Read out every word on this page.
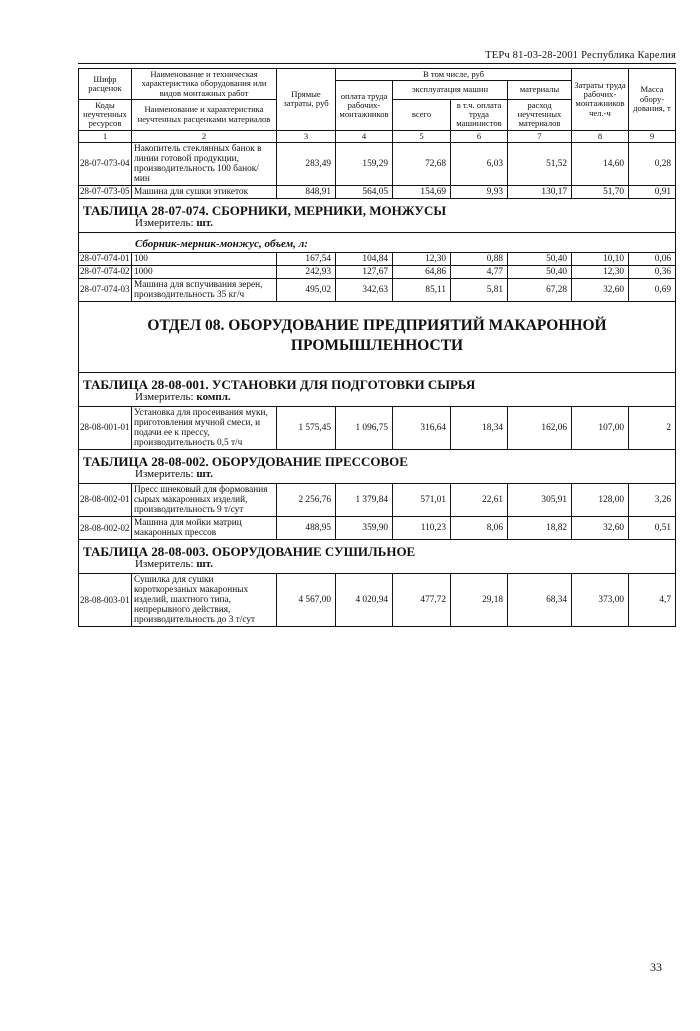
ТЕРч 81-03-28-2001 Республика Карелия
Шифр расценок	Наименование и техническая характеристика оборудования или видов монтажных работ	Прямые затраты, руб	В том числе, руб				Затраты труда рабочих-монтажников чел.-ч	Масса обору-дования, т
			оплата труда рабочих-монтажников	эксплуатация машин		материалы		
Коды неучтенных ресурсов	Наименование и характеристика неучтенных расценками материалов			всего	в т.ч. оплата труда машинистов	расход неучтенных материалов		

1	2	3	4	5	6	7	8	9
28-07-073-04	Накопитель стеклянных банок в линии готовой продукции, производительность 100 банок/мин	283,49	159,29	72,68	6,03	51,52	14,60	0,28
28-07-073-05	Машина для сушки этикеток	848,91	564,05	154,69	9,93	130,17	51,70	0,91
ТАБЛИЦА 28-07-074. СБОРНИКИ, МЕРНИКИ, МОНЖУСЫ								
Измеритель: шт.								
Сборник-мерник-монжус, объем, л:								
28-07-074-01	100	167,54	104,84	12,30	0,88	50,40	10,10	0,06
28-07-074-02	1000	242,93	127,67	64,86	4,77	50,40	12,30	0,36
28-07-074-03	Машина для вспучивания зерен, производительность 35 кг/ч	495,02	342,63	85,11	5,81	67,28	32,60	0,69

ОТДЕЛ 08. ОБОРУДОВАНИЕ ПРЕДПРИЯТИЙ МАКАРОННОЙ
ПРОМЫШЛЕННОСТИ								

ТАБЛИЦА 28-08-001. УСТАНОВКИ ДЛЯ ПОДГОТОВКИ СЫРЬЯ								
Измеритель: компл.								
28-08-001-01	Установка для просеивания муки, приготовления мучной смеси, и подачи ее к прессу, производительность 0,5 т/ч	1 575,45	1 096,75	316,64	18,34	162,06	107,00	2
ТАБЛИЦА 28-08-002. ОБОРУДОВАНИЕ ПРЕССОВОЕ								
Измеритель: шт.								
28-08-002-01	Пресс шнековый для формования сырых макаронных изделий, производительность 9 т/сут	2 256,76	1 379,84	571,01	22,61	305,91	128,00	3,26
28-08-002-02	Машина для мойки матриц макаронных прессов	488,95	359,90	110,23	8,06	18,82	32,60	0,51
ТАБЛИЦА 28-08-003. ОБОРУДОВАНИЕ СУШИЛЬНОЕ								
Измеритель: шт.								
28-08-003-01	Сушилка для сушки короткорезаных макаронных изделий, шахтного типа, непрерывного действия, производительность до 3 т/сут	4 567,00	4 020,94	477,72	29,18	68,34	373,00	4,7
33
